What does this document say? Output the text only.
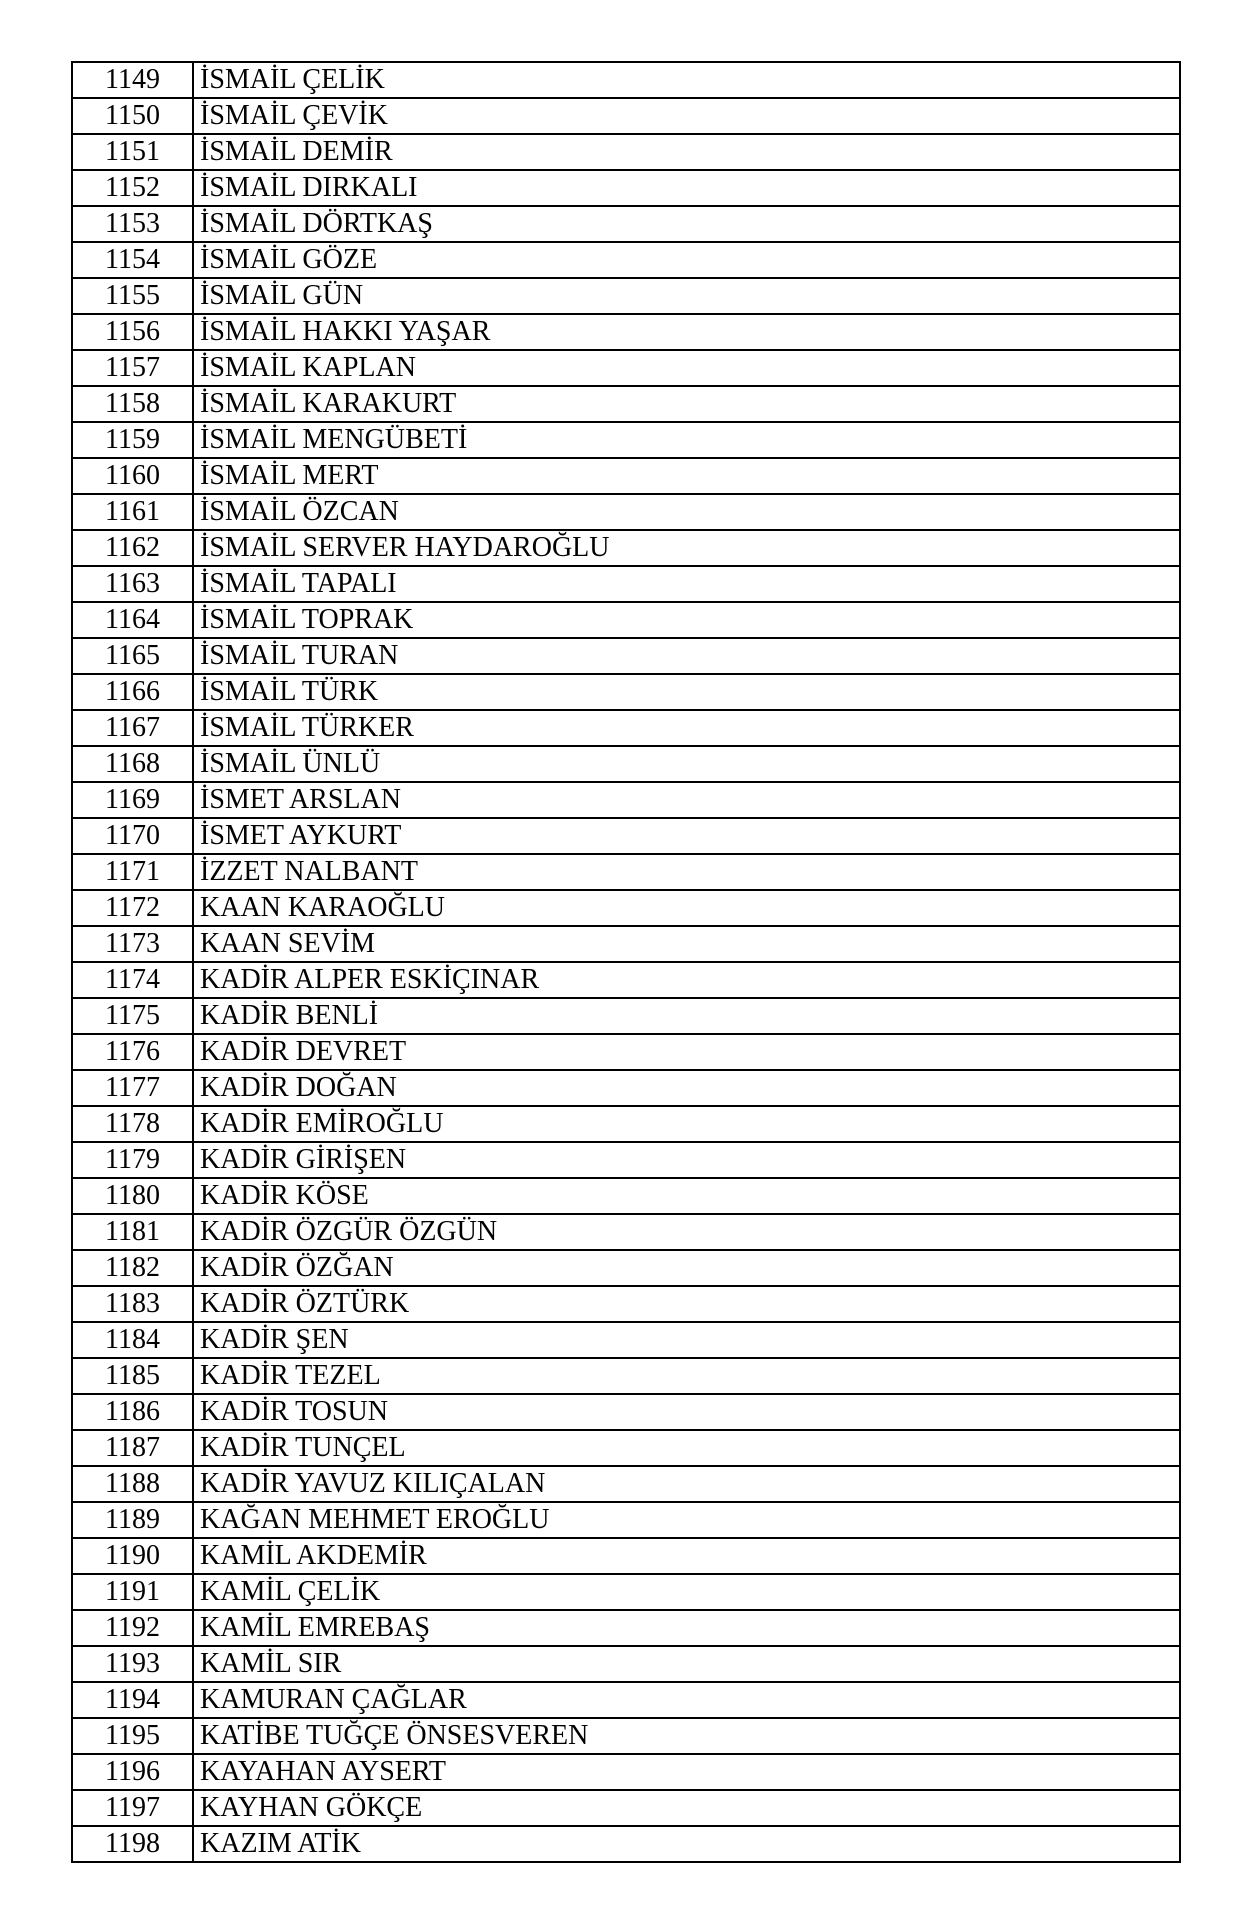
1149	İSMAİL ÇELİK
1150	İSMAİL ÇEVİK
1151	İSMAİL DEMİR
1152	İSMAİL DIRKALI
1153	İSMAİL DÖRTKAŞ
1154	İSMAİL GÖZE
1155	İSMAİL GÜN
1156	İSMAİL HAKKI YAŞAR
1157	İSMAİL KAPLAN
1158	İSMAİL KARAKURT
1159	İSMAİL MENGÜBETİ
1160	İSMAİL MERT
1161	İSMAİL ÖZCAN
1162	İSMAİL SERVER HAYDAROĞLU
1163	İSMAİL TAPALI
1164	İSMAİL TOPRAK
1165	İSMAİL TURAN
1166	İSMAİL TÜRK
1167	İSMAİL TÜRKER
1168	İSMAİL ÜNLÜ
1169	İSMET ARSLAN
1170	İSMET AYKURT
1171	İZZET NALBANT
1172	KAAN KARAOĞLU
1173	KAAN SEVİM
1174	KADİR ALPER ESKİÇINAR
1175	KADİR BENLİ
1176	KADİR DEVRET
1177	KADİR DOĞAN
1178	KADİR EMİROĞLU
1179	KADİR GİRİŞEN
1180	KADİR KÖSE
1181	KADİR ÖZGÜR ÖZGÜN
1182	KADİR ÖZĞAN
1183	KADİR ÖZTÜRK
1184	KADİR ŞEN
1185	KADİR TEZEL
1186	KADİR TOSUN
1187	KADİR TUNÇEL
1188	KADİR YAVUZ KILIÇALAN
1189	KAĞAN MEHMET EROĞLU
1190	KAMİL AKDEMİR
1191	KAMİL ÇELİK
1192	KAMİL EMREBAŞ
1193	KAMİL SIR
1194	KAMURAN ÇAĞLAR
1195	KATİBE TUĞÇE ÖNSESVEREN
1196	KAYAHAN AYSERT
1197	KAYHAN GÖKÇE
1198	KAZIM ATİK
